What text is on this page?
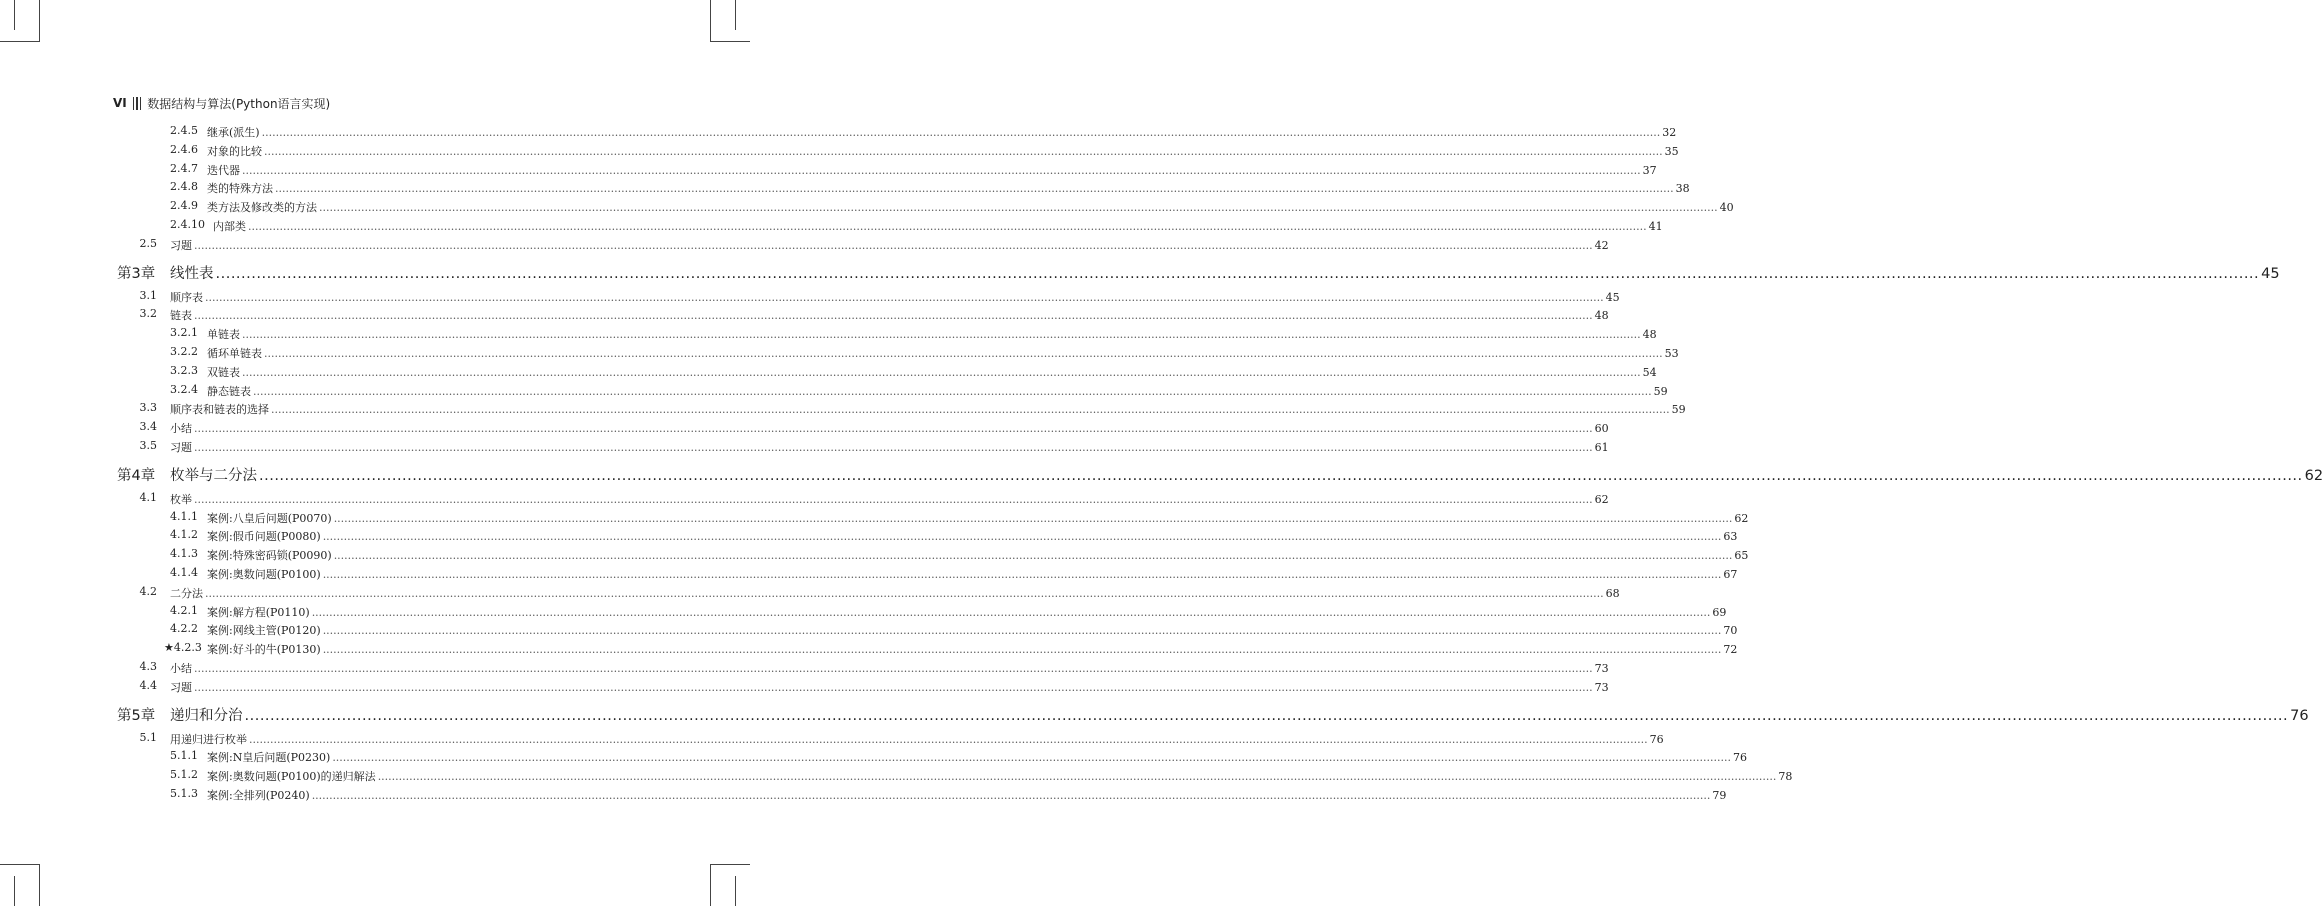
VI 数据结构与算法(Python语言实现)
2.4.5 继承(派生) ................................................................................................................................................................................................................................................................................................................................................................................................................ 32
2.4.6 对象的比较 ................................................................................................................................................................................................................................................................................................................................................................................................................ 35
2.4.7 迭代器 ................................................................................................................................................................................................................................................................................................................................................................................................................ 37
2.4.8 类的特殊方法 ................................................................................................................................................................................................................................................................................................................................................................................................................ 38
2.4.9 类方法及修改类的方法 ................................................................................................................................................................................................................................................................................................................................................................................................................ 40
2.4.10 内部类 ................................................................................................................................................................................................................................................................................................................................................................................................................ 41
2.5 习题 ................................................................................................................................................................................................................................................................................................................................................................................................................ 42
第3章	线性表 ................................................................................................................................................................................................................................................................................................................................................................................................................ 45
3.1 顺序表 ................................................................................................................................................................................................................................................................................................................................................................................................................ 45
3.2 链表 ................................................................................................................................................................................................................................................................................................................................................................................................................ 48
3.2.1 单链表 ................................................................................................................................................................................................................................................................................................................................................................................................................ 48
3.2.2 循环单链表 ................................................................................................................................................................................................................................................................................................................................................................................................................ 53
3.2.3 双链表 ................................................................................................................................................................................................................................................................................................................................................................................................................ 54
3.2.4 静态链表 ................................................................................................................................................................................................................................................................................................................................................................................................................ 59
3.3 顺序表和链表的选择 ................................................................................................................................................................................................................................................................................................................................................................................................................ 59
3.4 小结 ................................................................................................................................................................................................................................................................................................................................................................................................................ 60
3.5 习题 ................................................................................................................................................................................................................................................................................................................................................................................................................ 61
第4章	枚举与二分法 ................................................................................................................................................................................................................................................................................................................................................................................................................ 62
4.1 枚举 ................................................................................................................................................................................................................................................................................................................................................................................................................ 62
4.1.1 案例:八皇后问题(P0070) ................................................................................................................................................................................................................................................................................................................................................................................................................ 62
4.1.2 案例:假币问题(P0080) ................................................................................................................................................................................................................................................................................................................................................................................................................ 63
4.1.3 案例:特殊密码锁(P0090) ................................................................................................................................................................................................................................................................................................................................................................................................................ 65
4.1.4 案例:奥数问题(P0100) ................................................................................................................................................................................................................................................................................................................................................................................................................ 67
4.2 二分法 ................................................................................................................................................................................................................................................................................................................................................................................................................ 68
4.2.1 案例:解方程(P0110) ................................................................................................................................................................................................................................................................................................................................................................................................................ 69
4.2.2 案例:网线主管(P0120) ................................................................................................................................................................................................................................................................................................................................................................................................................ 70
★4.2.3 案例:好斗的牛(P0130) ................................................................................................................................................................................................................................................................................................................................................................................................................ 72
4.3 小结 ................................................................................................................................................................................................................................................................................................................................................................................................................ 73
4.4 习题 ................................................................................................................................................................................................................................................................................................................................................................................................................ 73
第5章	递归和分治 ................................................................................................................................................................................................................................................................................................................................................................................................................ 76
5.1 用递归进行枚举 ................................................................................................................................................................................................................................................................................................................................................................................................................ 76
5.1.1 案例:N皇后问题(P0230) ................................................................................................................................................................................................................................................................................................................................................................................................................ 76
5.1.2 案例:奥数问题(P0100)的递归解法 ................................................................................................................................................................................................................................................................................................................................................................................................................ 78
5.1.3 案例:全排列(P0240) ................................................................................................................................................................................................................................................................................................................................................................................................................ 79
